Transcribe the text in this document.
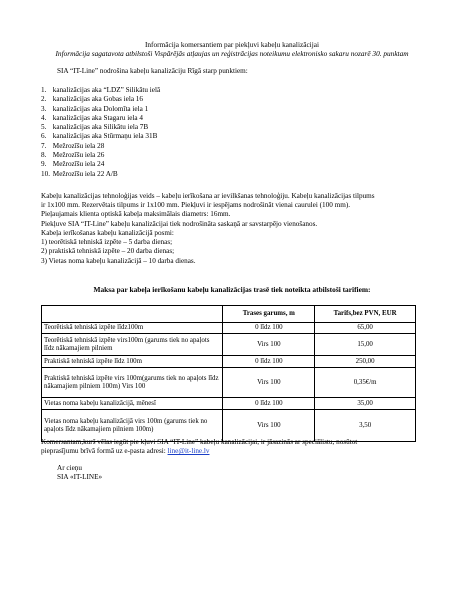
Informācija komersantiem par piekļuvi kabeļu kanalizācijai
Informācija sagatavota atbilstoši Vispārējās atļaujas un reģistrācijas noteikumu elektronisko sakaru nozarē 30. punktam
SIA “IT-Line” nodrošina kabeļu kanalizāciju Rīgā starp punktiem:
1. kanalizācijas aka “LDZ” Silikātu ielā
2. kanalizācijas aka Gobas iela 16
3. kanalizācijas aka Dolomīta iela 1
4. kanalizācijas aka Stagaru iela 4
5. kanalizācijas aka Silikātu iela 7B
6. kanalizācijas aka Stūrmaņu iela 31B
7. Mežrozīšu iela 28
8. Mežrozīšu iela 26
9. Mežrozīšu iela 24
10. Mežrozīšu iela 22 A/B
Kabeļu kanalizācijas tehnoloģijas veids – kabeļu ierīkošana ar ievilkšanas tehnoloģiju. Kabeļu kanalizācijas tilpums
ir 1x100 mm. Rezervētais tilpums ir 1x100 mm. Piekļuvi ir iespējams nodrošināt vienai caurulei (100 mm).
Pieļaujamais klienta optiskā kabeļa maksimālais diametrs: 16mm.
Piekļuve SIA “IT-Line” kabeļu kanalizācijai tiek nodrošināta saskaņā ar savstarpējo vienošanos.
Kabeļa ierīkošanas kabeļu kanalizācijā posmi:
1) teorētiskā tehniskā izpēte – 5 darba dienas;
2) praktiskā tehniskā izpēte – 20 darba dienas;
3) Vietas noma kabeļu kanalizācijā – 10 darba dienas.
Maksa par kabeļa ierīkošanu kabeļu kanalizācijas trasē tiek noteikta atbilstoši tarifiem:
	Trases garums, m	Tarifs,bez PVN, EUR
Teorētiskā tehniskā izpēte līdz100m	0 līdz 100	65,00
Teorētiskā tehniskā izpēte virs100m (garums tiek no apaļots līdz nākamajiem pilniem	Virs 100	15,00
Praktiskā tehniskā izpēte līdz 100m	0 līdz 100	250,00
Praktiskā tehniskā izpēte virs 100m(garums tiek no apaļots līdz nākamajiem pilniem 100m) Virs 100	Virs 100	0,35€/m
Vietas noma kabeļu kanalizācijā, mēnesī	0 līdz 100	35,00
Vietas noma kabeļu kanalizācijā virs 100m (garums tiek no apaļots līdz nākamajiem pilniem 100m)	Virs 100	3,50
Komersantam,kurš vēlas iegūt pie kļuvi SIA “IT-Line” kabeļu kanalizācijai, ir jāsazinās ar speciālistu, nosūtot
pieprasījumu brīvā formā uz e-pasta adresi: line@it-line.lv
Ar cieņu
SIA «IT-LINE»
